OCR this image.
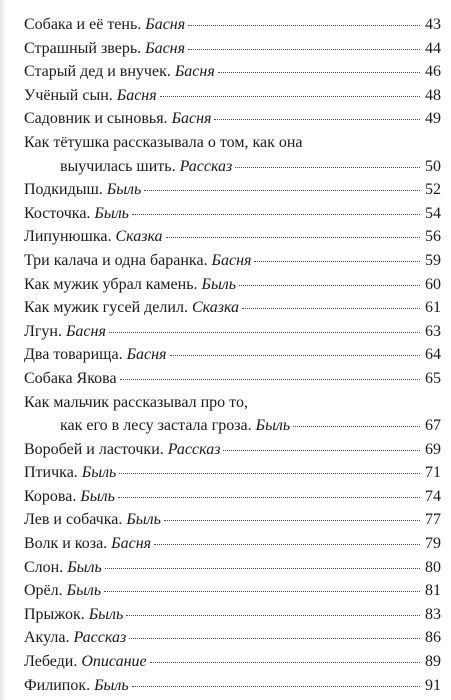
Собака и её тень. Басня	43
Страшный зверь. Басня	44
Старый дед и внучек. Басня	46
Учёный сын. Басня	48
Садовник и сыновья. Басня	49
Как тётушка рассказывала о том, как она
выучилась шить. Рассказ	50
Подкидыш. Быль	52
Косточка. Быль	54
Липунюшка. Сказка	56
Три калача и одна баранка. Басня	59
Как мужик убрал камень. Быль	60
Как мужик гусей делил. Сказка	61
Лгун. Басня	63
Два товарища. Басня	64
Собака Якова	65
Как мальчик рассказывал про то,
как его в лесу застала гроза. Быль	67
Воробей и ласточки. Рассказ	69
Птичка. Быль	71
Корова. Быль	74
Лев и собачка. Быль	77
Волк и коза. Басня	79
Слон. Быль	80
Орёл. Быль	81
Прыжок. Быль	83
Акула. Рассказ	86
Лебеди. Описание	89
Филипок. Быль	91
